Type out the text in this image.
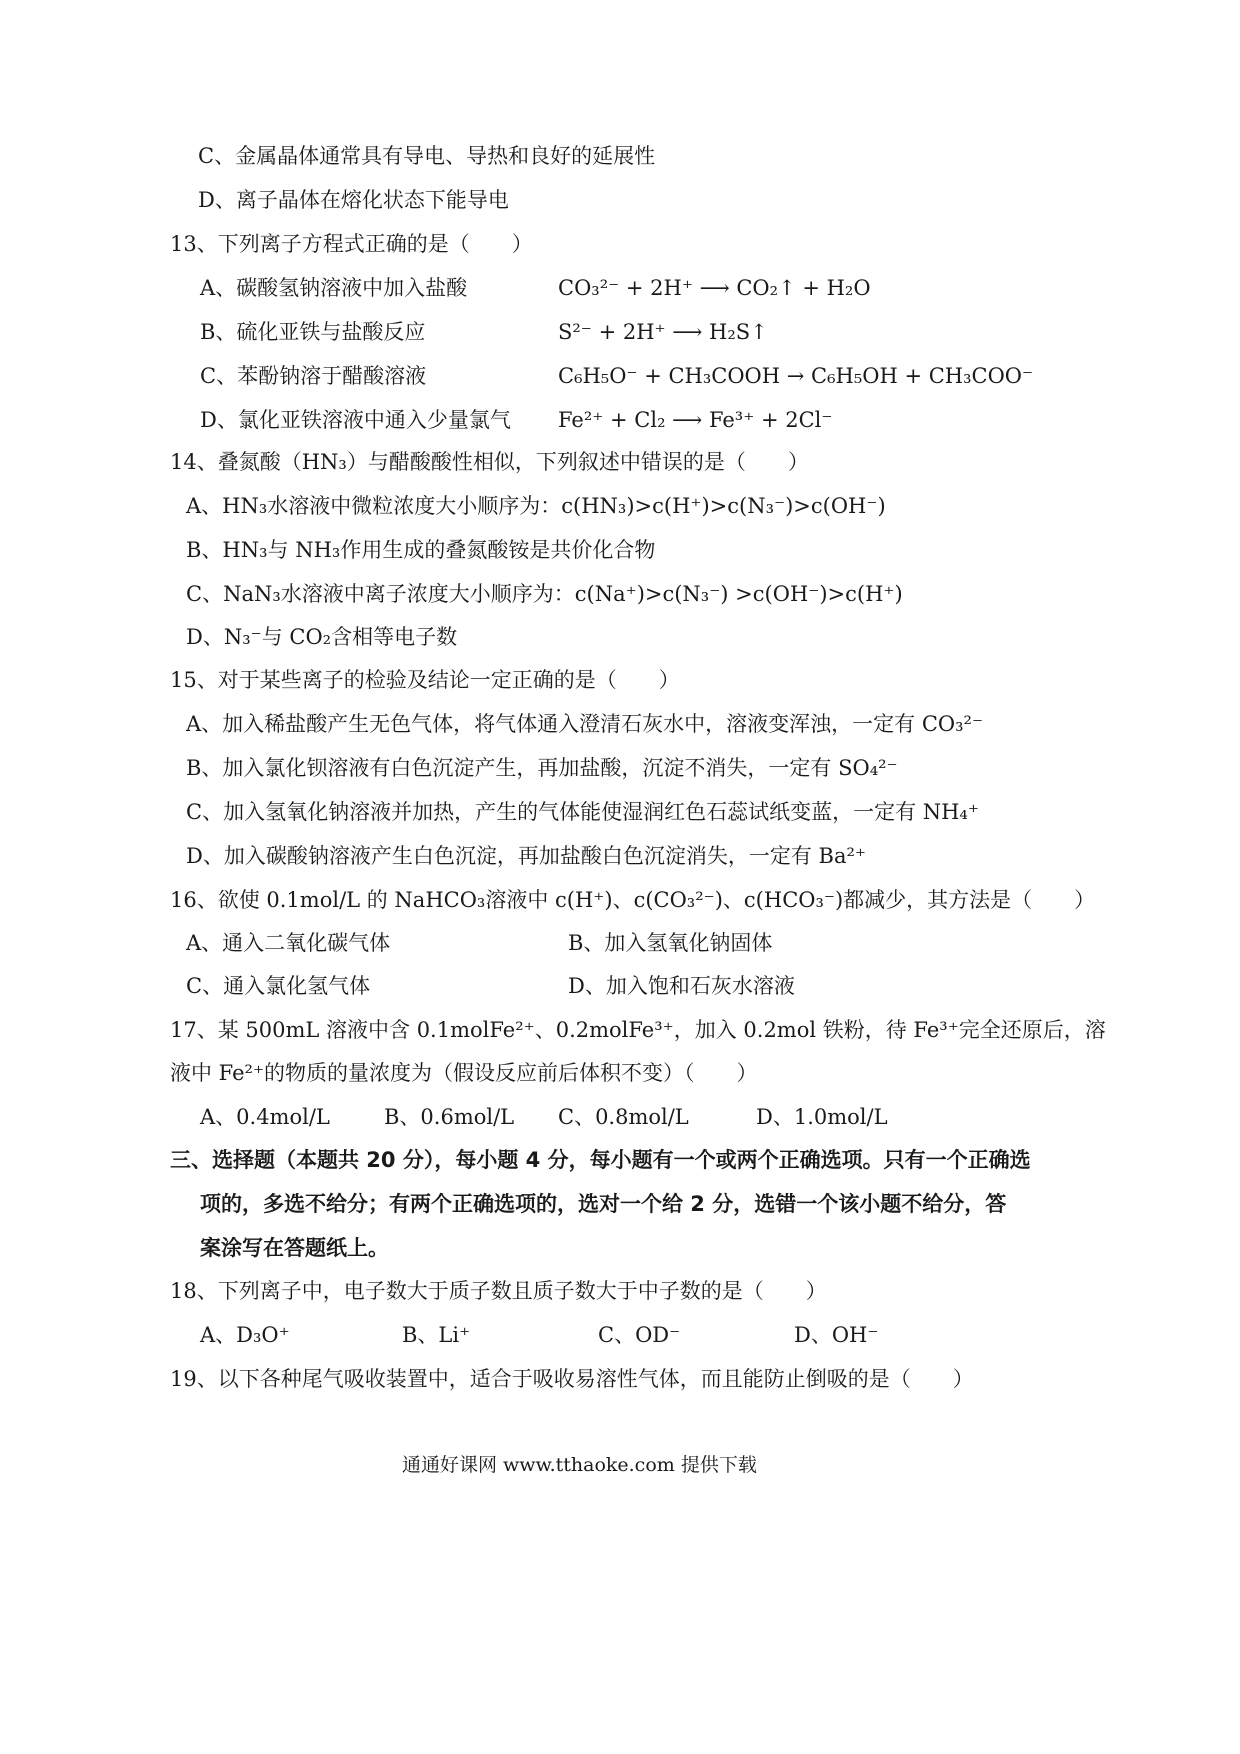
C、金属晶体通常具有导电、导热和良好的延展性
D、离子晶体在熔化状态下能导电
13、下列离子方程式正确的是（　　）
A、碳酸氢钠溶液中加入盐酸	CO₃²⁻ + 2H⁺ ⟶ CO₂↑ + H₂O
B、硫化亚铁与盐酸反应	S²⁻ + 2H⁺ ⟶ H₂S↑
C、苯酚钠溶于醋酸溶液	C₆H₅O⁻ + CH₃COOH → C₆H₅OH + CH₃COO⁻
D、氯化亚铁溶液中通入少量氯气 Fe²⁺ + Cl₂ ⟶ Fe³⁺ + 2Cl⁻
14、叠氮酸（HN₃）与醋酸酸性相似，下列叙述中错误的是（　　）
A、HN₃水溶液中微粒浓度大小顺序为：c(HN₃)>c(H⁺)>c(N₃⁻)>c(OH⁻)
B、HN₃与 NH₃作用生成的叠氮酸铵是共价化合物
C、NaN₃水溶液中离子浓度大小顺序为：c(Na⁺)>c(N₃⁻) >c(OH⁻)>c(H⁺)
D、N₃⁻与 CO₂含相等电子数
15、对于某些离子的检验及结论一定正确的是（　　）
A、加入稀盐酸产生无色气体，将气体通入澄清石灰水中，溶液变浑浊，一定有 CO₃²⁻
B、加入氯化钡溶液有白色沉淀产生，再加盐酸，沉淀不消失，一定有 SO₄²⁻
C、加入氢氧化钠溶液并加热，产生的气体能使湿润红色石蕊试纸变蓝，一定有 NH₄⁺
D、加入碳酸钠溶液产生白色沉淀，再加盐酸白色沉淀消失，一定有 Ba²⁺
16、欲使 0.1mol/L 的 NaHCO₃溶液中 c(H⁺)、c(CO₃²⁻)、c(HCO₃⁻)都减少，其方法是（　　）
A、通入二氧化碳气体	B、加入氢氧化钠固体
C、通入氯化氢气体	D、加入饱和石灰水溶液
17、某 500mL 溶液中含 0.1molFe²⁺、0.2molFe³⁺，加入 0.2mol 铁粉，待 Fe³⁺完全还原后，溶
液中 Fe²⁺的物质的量浓度为（假设反应前后体积不变）（　　）
A、0.4mol/L	B、0.6mol/L C、0.8mol/L	D、1.0mol/L
三、选择题（本题共 20 分），每小题 4 分，每小题有一个或两个正确选项。只有一个正确选
项的，多选不给分；有两个正确选项的，选对一个给 2 分，选错一个该小题不给分，答
案涂写在答题纸上。
18、下列离子中，电子数大于质子数且质子数大于中子数的是（　　）
A、D₃O⁺	B、Li⁺	C、OD⁻	D、OH⁻
19、以下各种尾气吸收装置中，适合于吸收易溶性气体，而且能防止倒吸的是（　　）
通通好课网 www.tthaoke.com 提供下载
